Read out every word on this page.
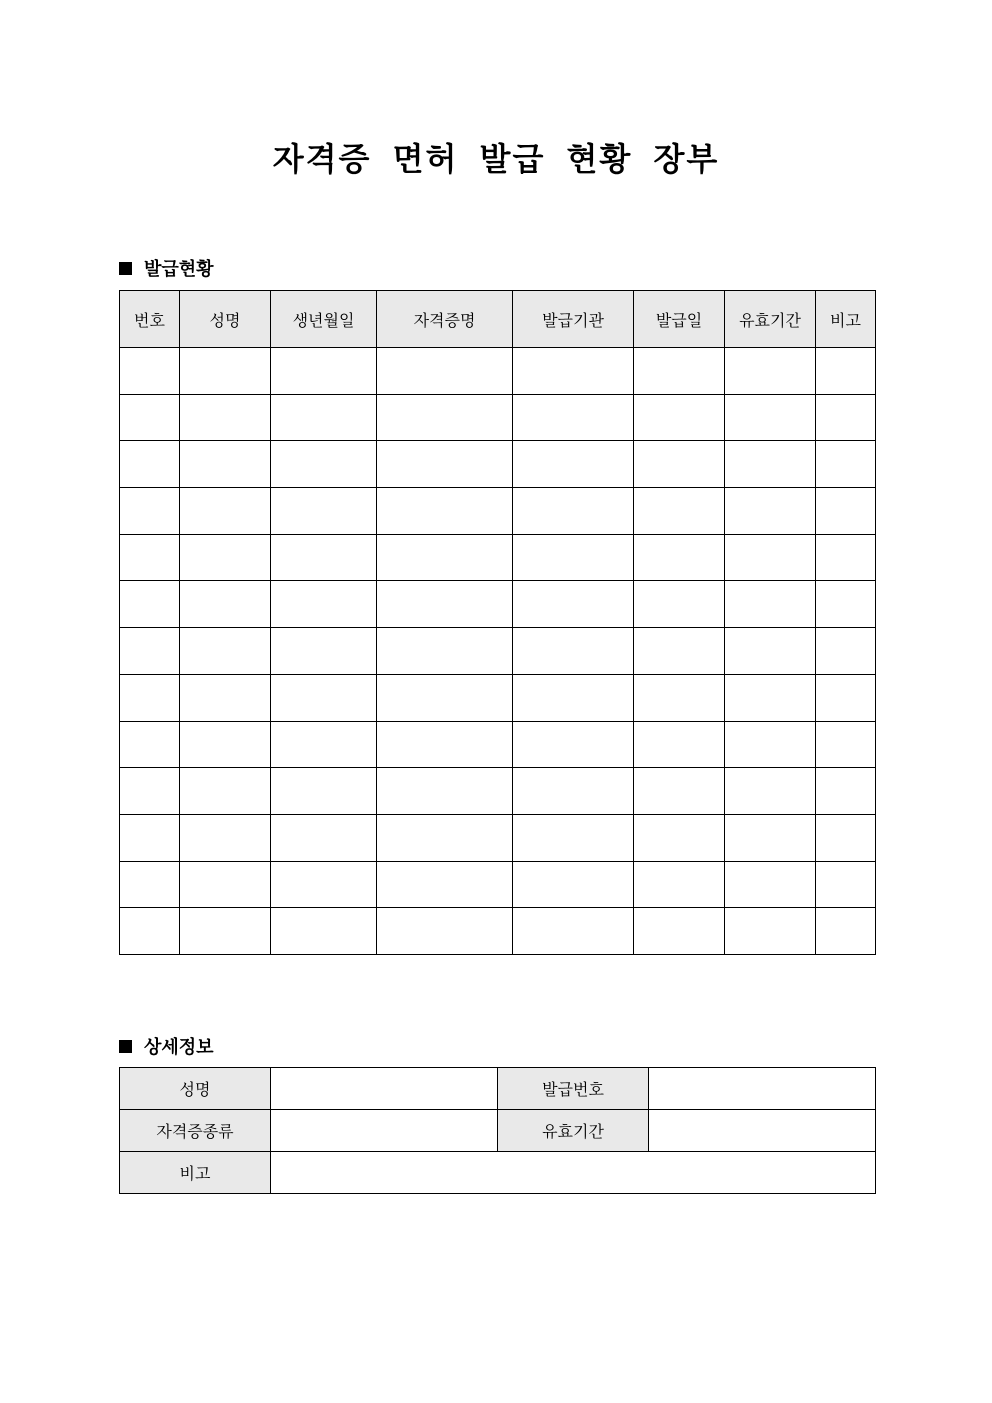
자격증 면허 발급 현황 장부
발급현황
번호	성명	생년월일	자격증명	발급기관	발급일	유효기간	비고

상세정보
성명		발급번호	
자격증종류		유효기간	
비고			
